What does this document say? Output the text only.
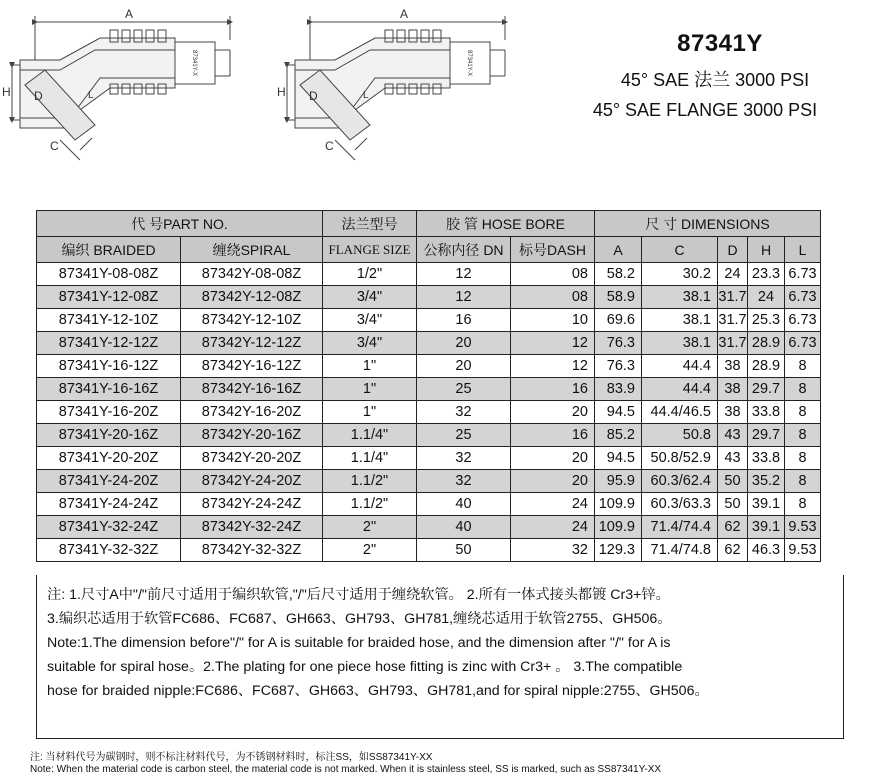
A
H
C
D	L
87341Y-X
A
H
C
D	L
87341Y-X
87341Y
45° SAE 法兰 3000 PSI
45° SAE FLANGE 3000 PSI
代 号PART NO.		法兰型号	胶 管 HOSE BORE		尺 寸 DIMENSIONS				
编织 BRAIDED	缠绕SPIRAL	FLANGE SIZE	公称内径 DN	标号DASH	A	C	D	H	L
87341Y-08-08Z	87342Y-08-08Z	1/2"	12	08	58.2	30.2	24	23.3	6.73
87341Y-12-08Z	87342Y-12-08Z	3/4"	12	08	58.9	38.1	31.7	24	6.73
87341Y-12-10Z	87342Y-12-10Z	3/4"	16	10	69.6	38.1	31.7	25.3	6.73
87341Y-12-12Z	87342Y-12-12Z	3/4"	20	12	76.3	38.1	31.7	28.9	6.73
87341Y-16-12Z	87342Y-16-12Z	1"	20	12	76.3	44.4	38	28.9	8
87341Y-16-16Z	87342Y-16-16Z	1"	25	16	83.9	44.4	38	29.7	8
87341Y-16-20Z	87342Y-16-20Z	1"	32	20	94.5	44.4/46.5	38	33.8	8
87341Y-20-16Z	87342Y-20-16Z	1.1/4"	25	16	85.2	50.8	43	29.7	8
87341Y-20-20Z	87342Y-20-20Z	1.1/4"	32	20	94.5	50.8/52.9	43	33.8	8
87341Y-24-20Z	87342Y-24-20Z	1.1/2"	32	20	95.9	60.3/62.4	50	35.2	8
87341Y-24-24Z	87342Y-24-24Z	1.1/2"	40	24	109.9	60.3/63.3	50	39.1	8
87341Y-32-24Z	87342Y-32-24Z	2"	40	24	109.9	71.4/74.4	62	39.1	9.53
87341Y-32-32Z	87342Y-32-32Z	2"	50	32	129.3	71.4/74.8	62	46.3	9.53

注: 1.尺寸A中"/"前尺寸适用于编织软管,"/"后尺寸适用于缠绕软管。 2.所有一体式接头都镀 Cr3+锌。

3.编织芯适用于软管FC686、FC687、GH663、GH793、GH781,缠绕芯适用于软管2755、GH506。

Note:1.The dimension before"/" for A is suitable for braided hose, and the dimension after "/" for A is

suitable for spiral hose。2.The plating for one piece hose fitting is zinc with Cr3+ 。 3.The compatible

hose for braided nipple:FC686、FC687、GH663、GH793、GH781,and for spiral nipple:2755、GH506。

注: 当材料代号为碳钢时，则不标注材料代号，为不锈钢材料时，标注SS，如SS87341Y-XX
Note: When the material code is carbon steel, the material code is not marked. When it is stainless steel, SS is marked, such as SS87341Y-XX
